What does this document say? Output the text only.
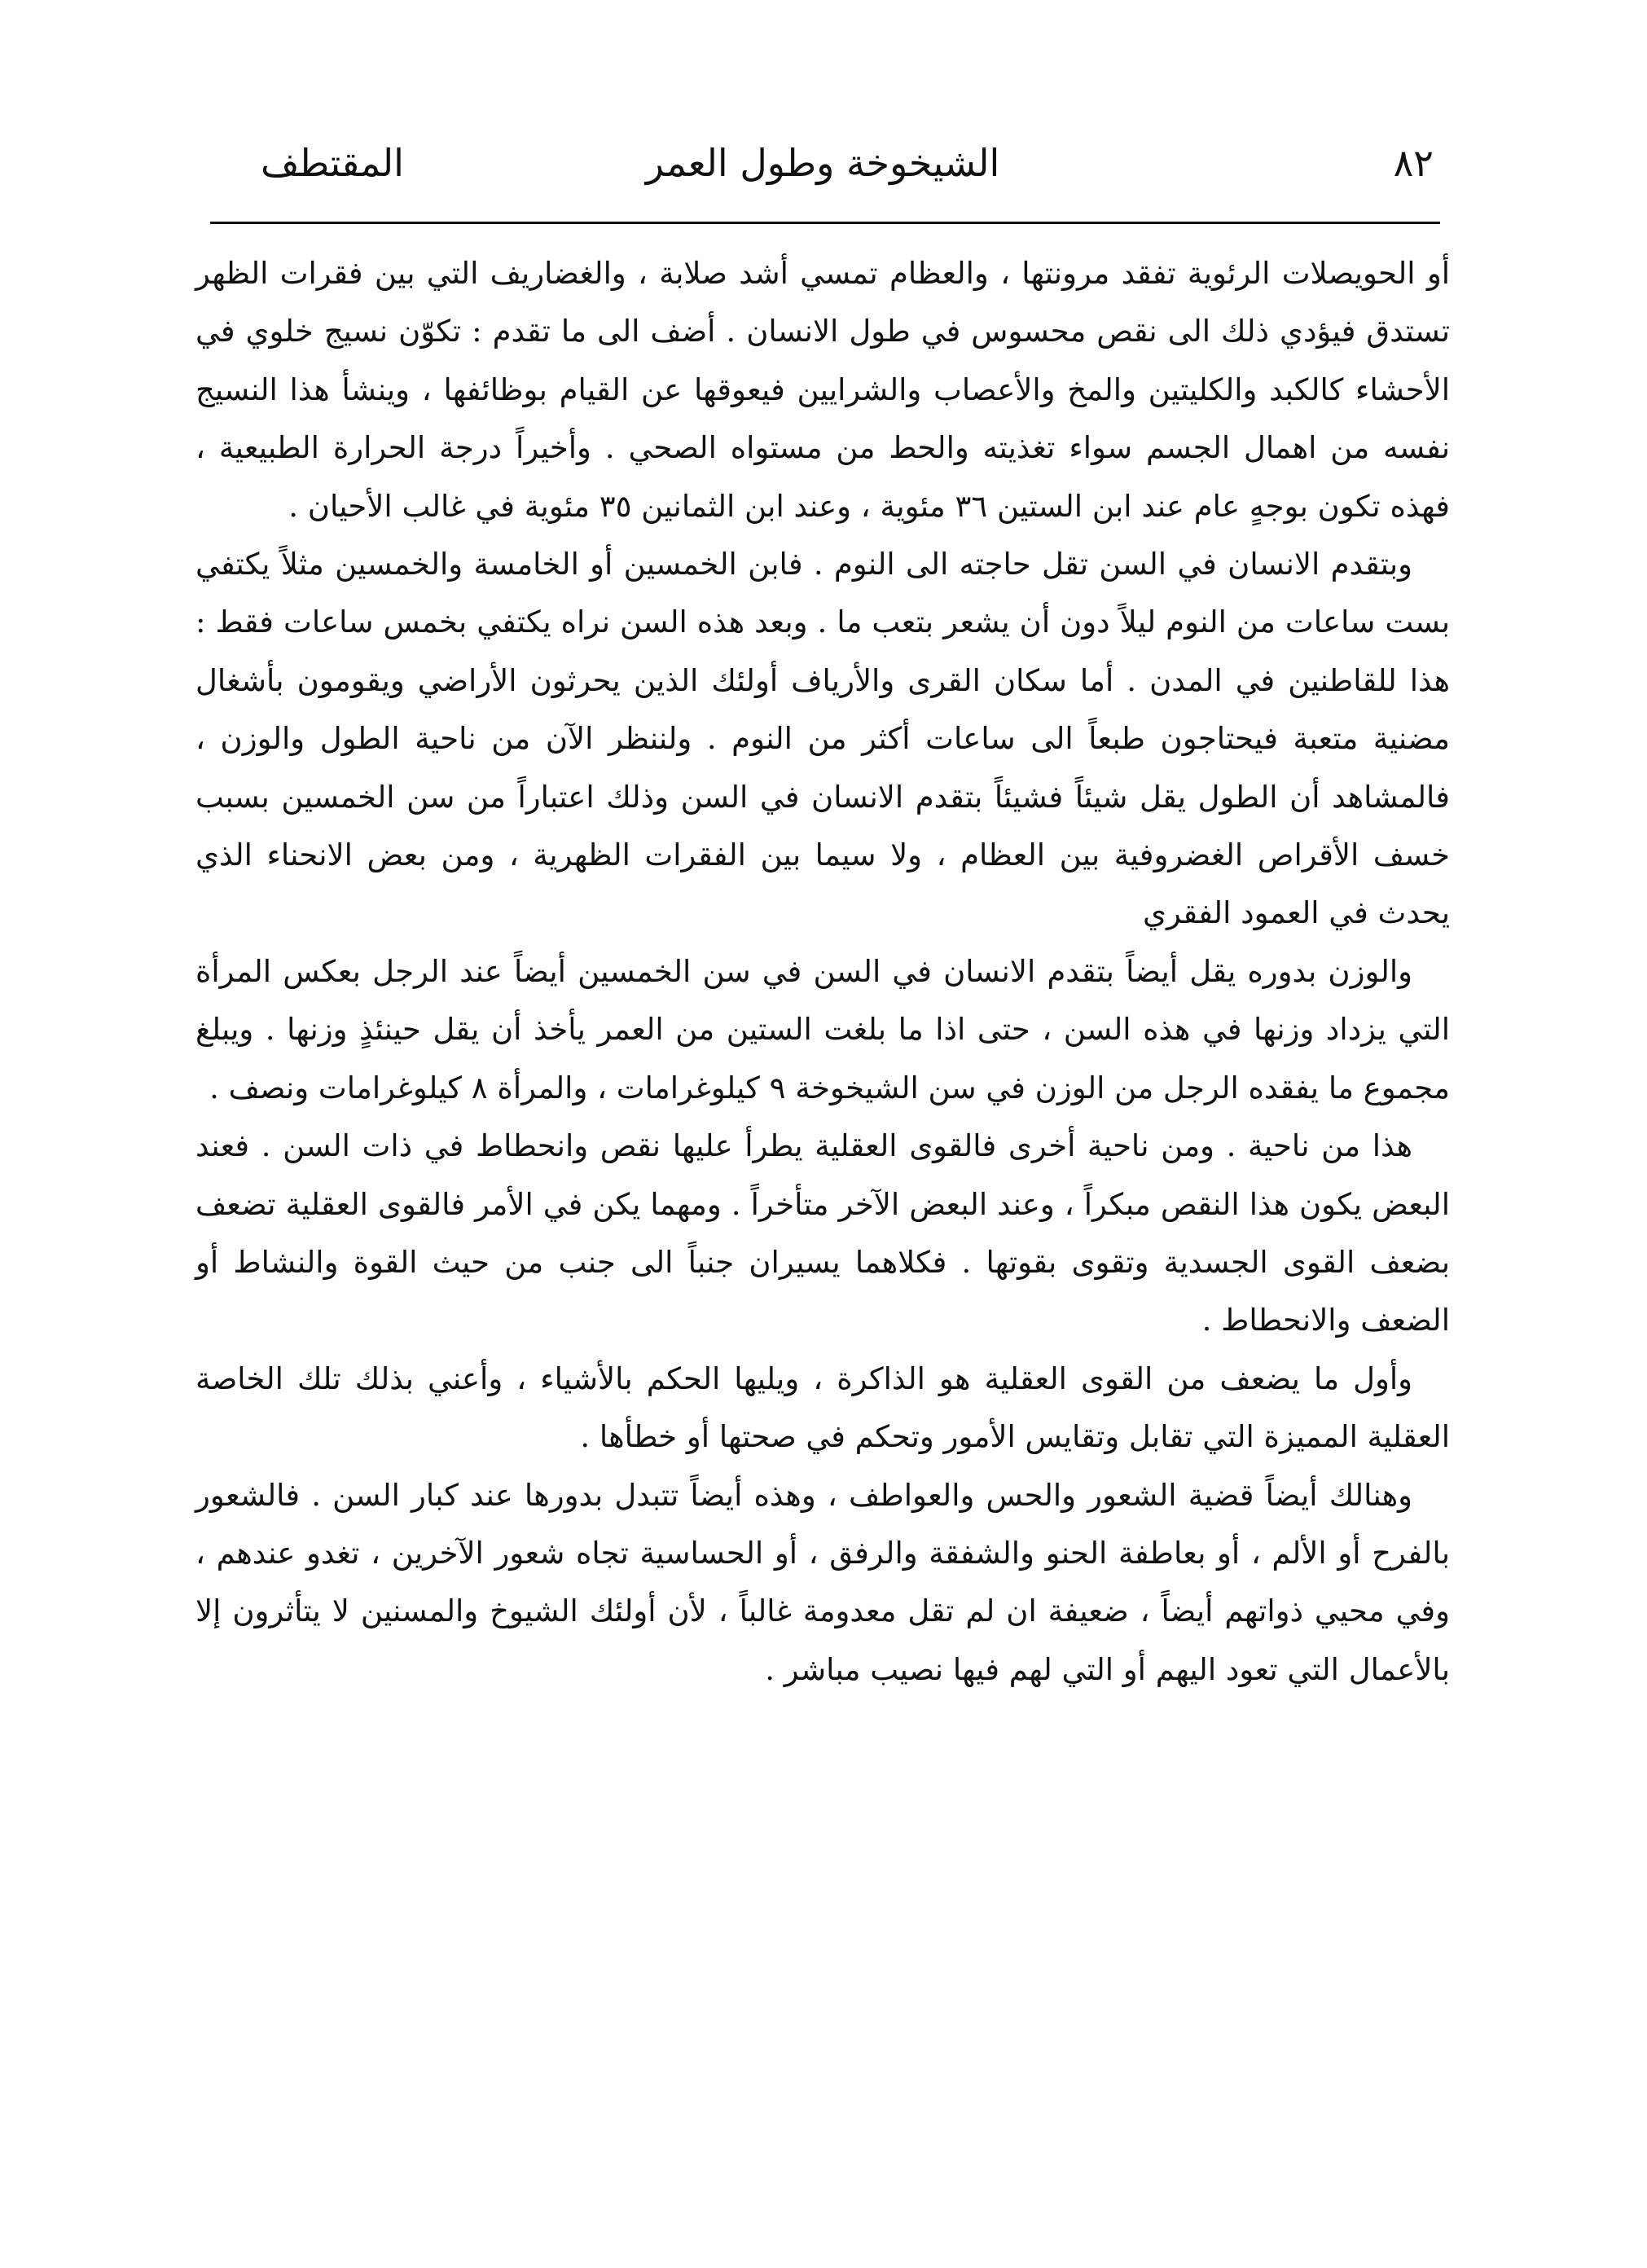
٨٢
الشيخوخة وطول العمر
المقتطف

أو الحويصلات الرئوية تفقد مرونتها ، والعظام تمسي أشد صلابة ، والغضاريف التي بين فقرات الظهر تستدق فيؤدي ذلك الى نقص محسوس في طول الانسان . أضف الى ما تقدم : تكوّن نسيج خلوي في الأحشاء كالكبد والكليتين والمخ والأعصاب والشرايين فيعوقها عن القيام بوظائفها ، وينشأ هذا النسيج نفسه من اهمال الجسم سواء تغذيته والحط من مستواه الصحي . وأخيراً درجة الحرارة الطبيعية ، فهذه تكون بوجهٍ عام عند ابن الستين ٣٦ مئوية ، وعند ابن الثمانين ٣٥ مئوية في غالب الأحيان .

وبتقدم الانسان في السن تقل حاجته الى النوم . فابن الخمسين أو الخامسة والخمسين مثلاً يكتفي بست ساعات من النوم ليلاً دون أن يشعر بتعب ما . وبعد هذه السن نراه يكتفي بخمس ساعات فقط : هذا للقاطنين في المدن . أما سكان القرى والأرياف أولئك الذين يحرثون الأراضي ويقومون بأشغال مضنية متعبة فيحتاجون طبعاً الى ساعات أكثر من النوم . ولننظر الآن من ناحية الطول والوزن ، فالمشاهد أن الطول يقل شيئاً فشيئاً بتقدم الانسان في السن وذلك اعتباراً من سن الخمسين بسبب خسف الأقراص الغضروفية بين العظام ، ولا سيما بين الفقرات الظهرية ، ومن بعض الانحناء الذي يحدث في العمود الفقري

والوزن بدوره يقل أيضاً بتقدم الانسان في السن في سن الخمسين أيضاً عند الرجل بعكس المرأة التي يزداد وزنها في هذه السن ، حتى اذا ما بلغت الستين من العمر يأخذ أن يقل حينئذٍ وزنها . ويبلغ مجموع ما يفقده الرجل من الوزن في سن الشيخوخة ٩ كيلوغرامات ، والمرأة ٨ كيلوغرامات ونصف .

هذا من ناحية . ومن ناحية أخرى فالقوى العقلية يطرأ عليها نقص وانحطاط في ذات السن . فعند البعض يكون هذا النقص مبكراً ، وعند البعض الآخر متأخراً . ومهما يكن في الأمر فالقوى العقلية تضعف بضعف القوى الجسدية وتقوى بقوتها . فكلاهما يسيران جنباً الى جنب من حيث القوة والنشاط أو الضعف والانحطاط .

وأول ما يضعف من القوى العقلية هو الذاكرة ، ويليها الحكم بالأشياء ، وأعني بذلك تلك الخاصة العقلية المميزة التي تقابل وتقايس الأمور وتحكم في صحتها أو خطأها .

وهنالك أيضاً قضية الشعور والحس والعواطف ، وهذه أيضاً تتبدل بدورها عند كبار السن . فالشعور بالفرح أو الألم ، أو بعاطفة الحنو والشفقة والرفق ، أو الحساسية تجاه شعور الآخرين ، تغدو عندهم ، وفي محيي ذواتهم أيضاً ، ضعيفة ان لم تقل معدومة غالباً ، لأن أولئك الشيوخ والمسنين لا يتأثرون إلا بالأعمال التي تعود اليهم أو التي لهم فيها نصيب مباشر .
